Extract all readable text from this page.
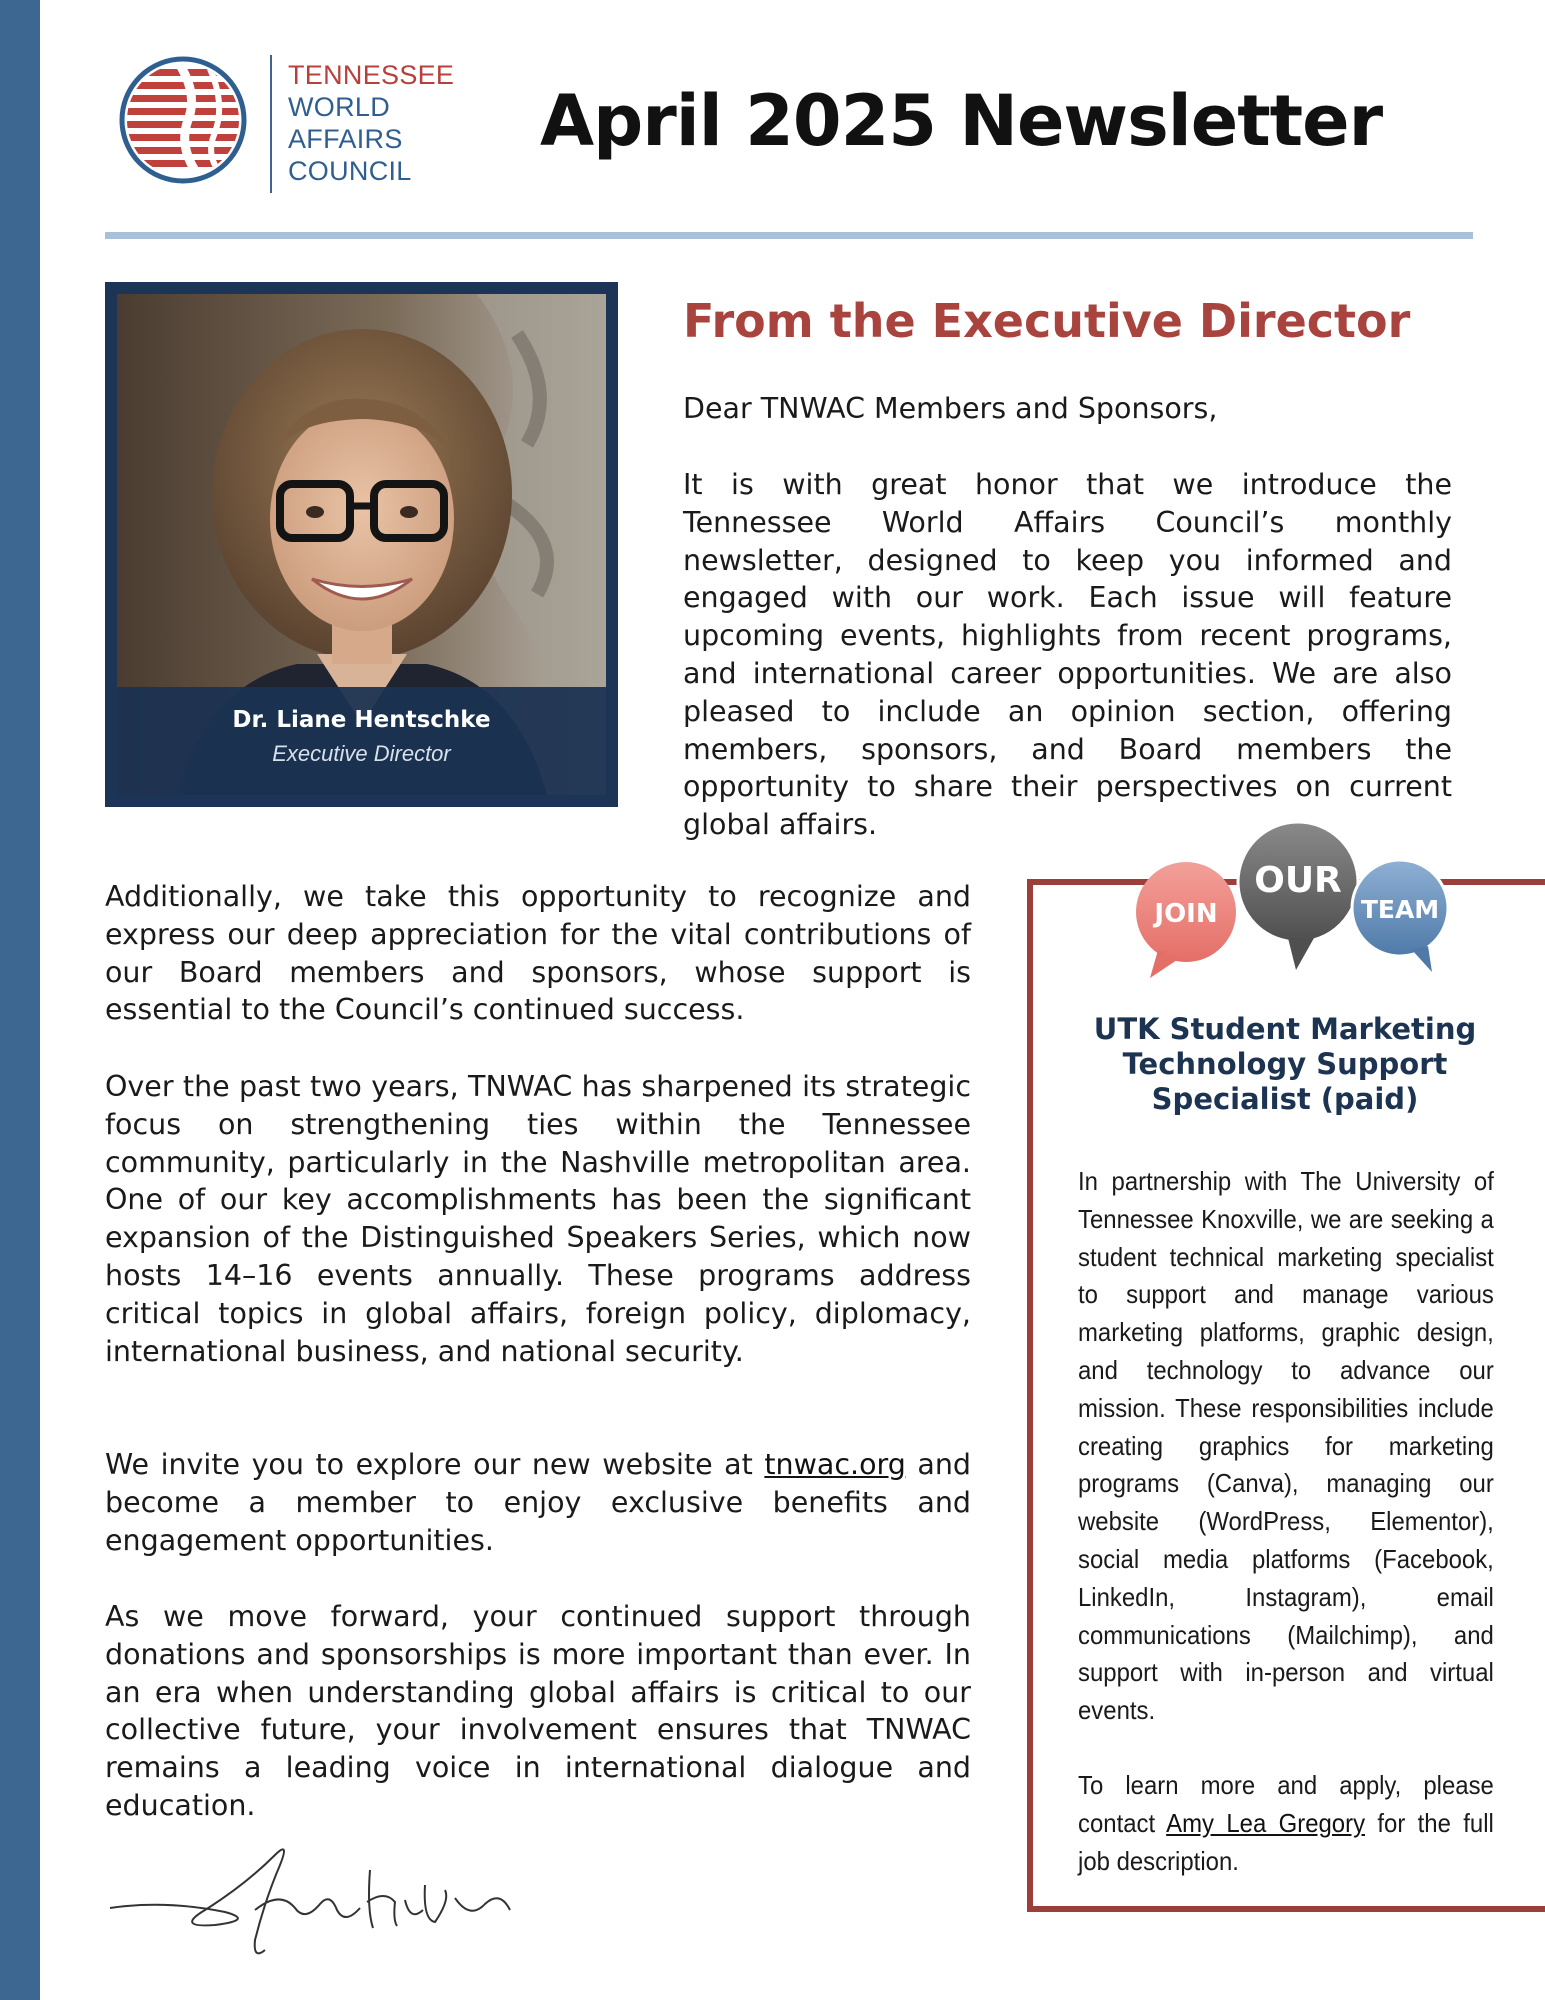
TENNESSEE
WORLD
AFFAIRS
COUNCIL
April 2025 Newsletter
Dr. Liane Hentschke
Executive Director
From the Executive Director

Dear TNWAC Members and Sponsors,

It is with great honor that we introduce the Tennessee World Affairs Council’s monthly newsletter, designed to keep you informed and engaged with our work. Each issue will feature upcoming events, highlights from recent programs, and international career opportunities. We are also pleased to include an opinion section, offering members, sponsors, and Board members the opportunity to share their perspectives on current global affairs.

Additionally, we take this opportunity to recognize and express our deep appreciation for the vital contributions of our Board members and sponsors, whose support is essential to the Council’s continued success.

Over the past two years, TNWAC has sharpened its strategic focus on strengthening ties within the Tennessee community, particularly in the Nashville metropolitan area. One of our key accomplishments has been the significant expansion of the Distinguished Speakers Series, which now hosts 14–16 events annually. These programs address critical topics in global affairs, foreign policy, diplomacy, international business, and national security.

We invite you to explore our new website at tnwac.org and become a member to enjoy exclusive benefits and engagement opportunities.

As we move forward, your continued support through donations and sponsorships is more important than ever. In an era when understanding global affairs is critical to our collective future, your involvement ensures that TNWAC remains a leading voice in international dialogue and education.

JOIN
OUR
TEAM
UTK Student Marketing Technology Support Specialist (paid)

In partnership with The University of Tennessee Knoxville, we are seeking a student technical marketing specialist to support and manage various marketing platforms, graphic design, and technology to advance our mission. These responsibilities include creating graphics for marketing programs (Canva), managing our website (WordPress, Elementor), social media platforms (Facebook, LinkedIn, Instagram), email communications (Mailchimp), and support with in-person and virtual events.

To learn more and apply, please contact Amy Lea Gregory for the full job description.
